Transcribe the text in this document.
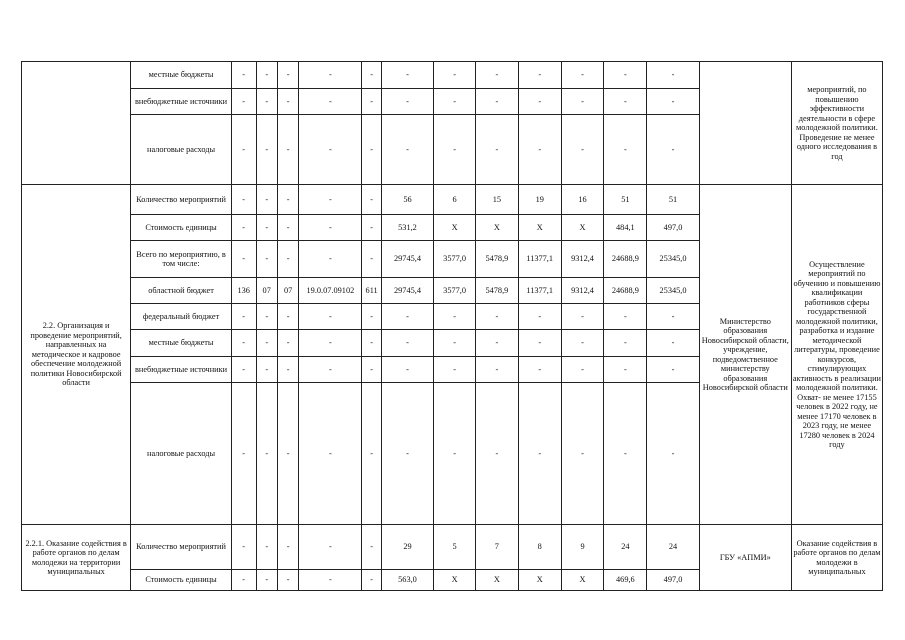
	местные бюджеты	-	-	-	-	-	-	-	-	-	-	-	-		мероприятий, по повышению эффективности деятельности в сфере молодежной политики. Проведение не менее одного исследования в год
	внебюджетные источники	-	-	-	-	-	-	-	-	-	-	-	-		
	налоговые расходы	-	-	-	-	-	-	-	-	-	-	-	-		
2.2. Организация и проведение мероприятий, направленных на методическое и кадровое обеспечение молодежной политики Новосибирской области	Количество мероприятий	-	-	-	-	-	56	6	15	19	16	51	51	Министерство образования Новосибирской области, учреждение, подведомственное министерству образования Новосибирской области	Осуществление мероприятий по обучению и повышению квалификации работников сферы государственной молодежной политики, разработка и издание методической литературы, проведение конкурсов, стимулирующих активность в реализации молодежной политики. Охват- не менее 17155 человек в 2022 году, не менее 17170 человек в 2023 году, не менее 17280 человек в 2024 году
	Стоимость единицы	-	-	-	-	-	531,2	X	X	X	X	484,1	497,0		
	Всего по мероприятию, в том числе:	-	-	-	-	-	29745,4	3577,0	5478,9	11377,1	9312,4	24688,9	25345,0		
	областной бюджет	136	07	07	19.0.07.09102	611	29745,4	3577,0	5478,9	11377,1	9312,4	24688,9	25345,0		
	федеральный бюджет	-	-	-	-	-	-	-	-	-	-	-	-		
	местные бюджеты	-	-	-	-	-	-	-	-	-	-	-	-		
	внебюджетные источники	-	-	-	-	-	-	-	-	-	-	-	-		
	налоговые расходы	-	-	-	-	-	-	-	-	-	-	-	-		
2.2.1. Оказание содействия в работе органов по делам молодежи на территории муниципальных	Количество мероприятий	-	-	-	-	-	29	5	7	8	9	24	24	ГБУ «АПМИ»	Оказание содействия в работе органов по делам молодежи в муниципальных
	Стоимость единицы	-	-	-	-	-	563,0	X	X	X	X	469,6	497,0		
